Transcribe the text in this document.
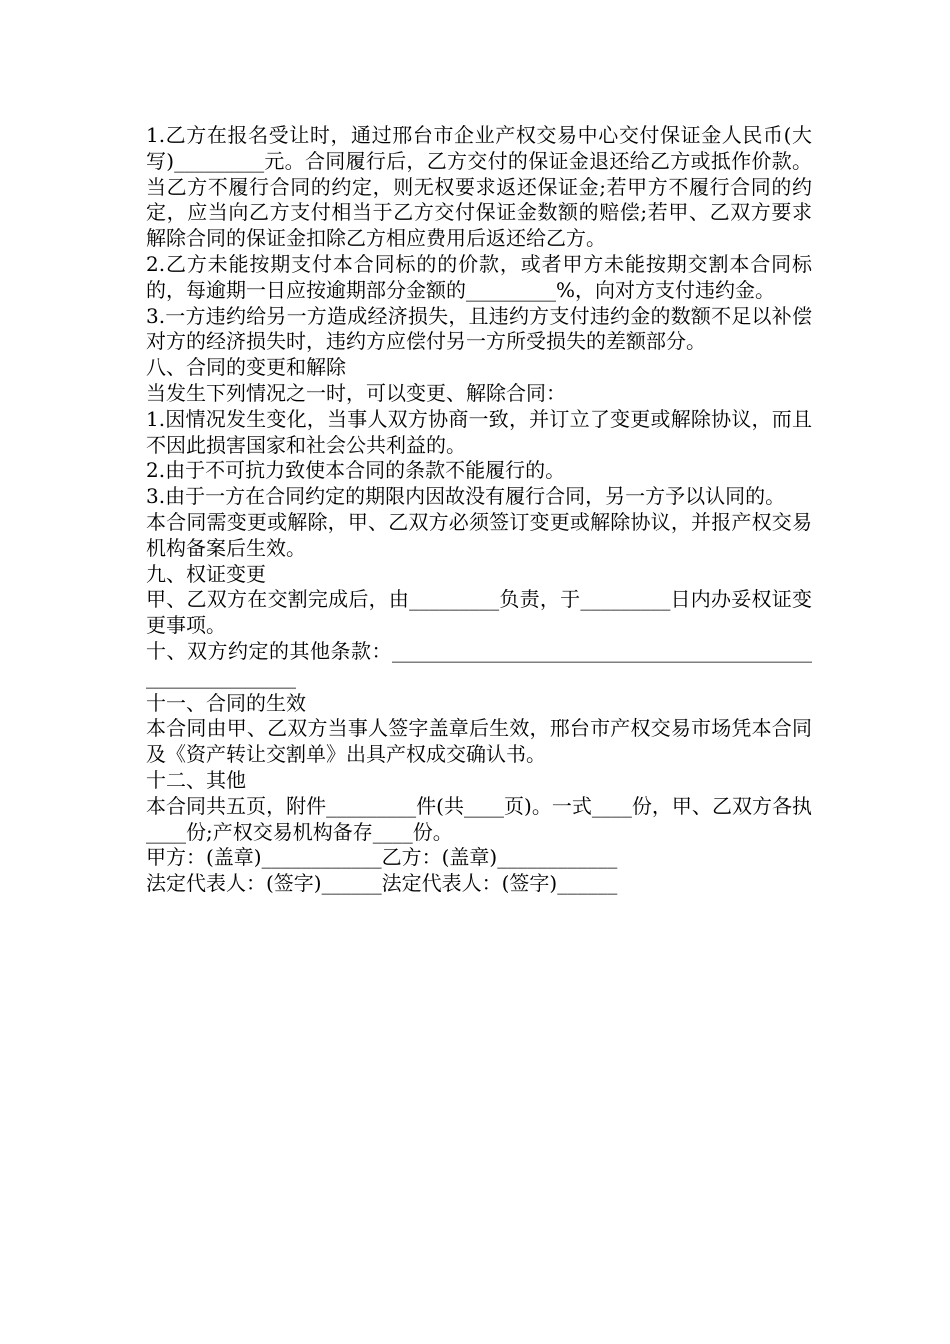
1.乙方在报名受让时，通过邢台市企业产权交易中心交付保证金人民币(大写)_________元。合同履行后，乙方交付的保证金退还给乙方或抵作价款。当乙方不履行合同的约定，则无权要求返还保证金;若甲方不履行合同的约定，应当向乙方支付相当于乙方交付保证金数额的赔偿;若甲、乙双方要求解除合同的保证金扣除乙方相应费用后返还给乙方。

2.乙方未能按期支付本合同标的的价款，或者甲方未能按期交割本合同标的，每逾期一日应按逾期部分金额的_________%，向对方支付违约金。

3.一方违约给另一方造成经济损失，且违约方支付违约金的数额不足以补偿对方的经济损失时，违约方应偿付另一方所受损失的差额部分。

八、合同的变更和解除

当发生下列情况之一时，可以变更、解除合同：

1.因情况发生变化，当事人双方协商一致，并订立了变更或解除协议，而且不因此损害国家和社会公共利益的。

2.由于不可抗力致使本合同的条款不能履行的。

3.由于一方在合同约定的期限内因故没有履行合同，另一方予以认同的。

本合同需变更或解除，甲、乙双方必须签订变更或解除协议，并报产权交易机构备案后生效。

九、权证变更

甲、乙双方在交割完成后，由_________负责，于_________日内办妥权证变更事项。

十、双方约定的其他条款：_________________________________________________________

十一、合同的生效

本合同由甲、乙双方当事人签字盖章后生效，邢台市产权交易市场凭本合同及《资产转让交割单》出具产权成交确认书。

十二、其他

本合同共五页，附件_________件(共____页)。一式____份，甲、乙双方各执____份;产权交易机构备存____份。

甲方：(盖章)____________乙方：(盖章)____________

法定代表人：(签字)______法定代表人：(签字)______
